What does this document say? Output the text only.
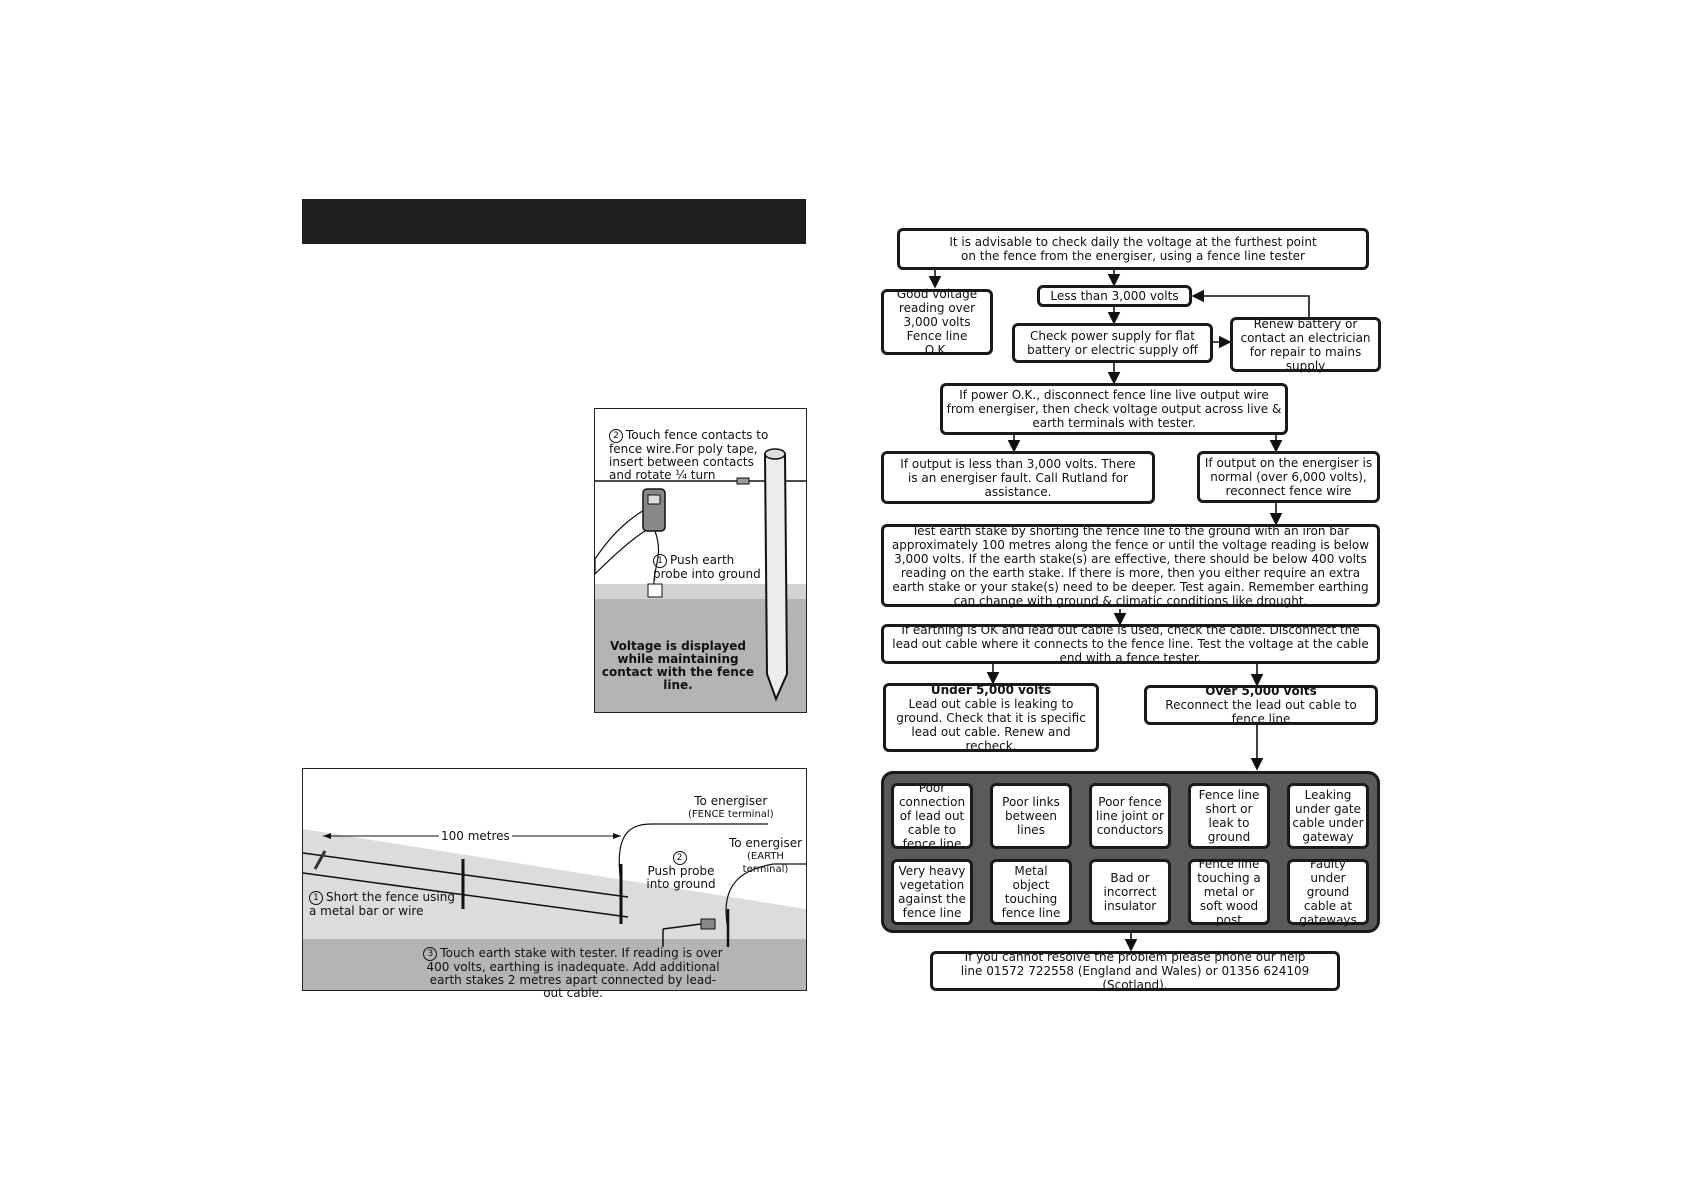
2 Touch fence contacts to fence wire.For poly tape, insert between contacts and rotate ¼ turn
1 Push earth probe into ground
Voltage is displayed while maintaining contact with the fence line.
100 metres
To energiser
(FENCE terminal)
To energiser
(EARTH terminal)
1 Short the fence using a metal bar or wire
2
Push probe into ground
3 Touch earth stake with tester. If reading is over 400 volts, earthing is inadequate. Add additional earth stakes 2 metres apart connected by lead-out cable.
It is advisable to check daily the voltage at the furthest point on the fence from the energiser, using a fence line tester
Good voltage reading over 3,000 volts Fence line O.K.
Less than 3,000 volts
Check power supply for flat battery or electric supply off
Renew battery or contact an electrician for repair to mains supply
If power O.K., disconnect fence line live output wire from energiser, then check voltage output across live & earth terminals with tester.
If output is less than 3,000 volts. There is an energiser fault. Call Rutland for assistance.
If output on the energiser is normal (over 6,000 volts), reconnect fence wire
Test earth stake by shorting the fence line to the ground with an iron bar approximately 100 metres along the fence or until the voltage reading is below 3,000 volts. If the earth stake(s) are effective, there should be below 400 volts reading on the earth stake. If there is more, then you either require an extra earth stake or your stake(s) need to be deeper. Test again. Remember earthing can change with ground & climatic conditions like drought.
If earthing is OK and lead out cable is used, check the cable. Disconnect the lead out cable where it connects to the fence line. Test the voltage at the cable end with a fence tester.
Under 5,000 volts
Lead out cable is leaking to ground. Check that it is specific lead out cable. Renew and recheck.
Over 5,000 volts
Reconnect the lead out cable to fence line
Poor connection of lead out cable to fence line
Poor links between lines
Poor fence line joint or conductors
Fence line short or leak to ground
Leaking under gate cable under gateway
Very heavy vegetation against the fence line
Metal object touching fence line
Bad or incorrect insulator
Fence line touching a metal or soft wood post
Faulty under ground cable at gateways
If you cannot resolve the problem please phone our help line 01572 722558 (England and Wales) or 01356 624109 (Scotland).
